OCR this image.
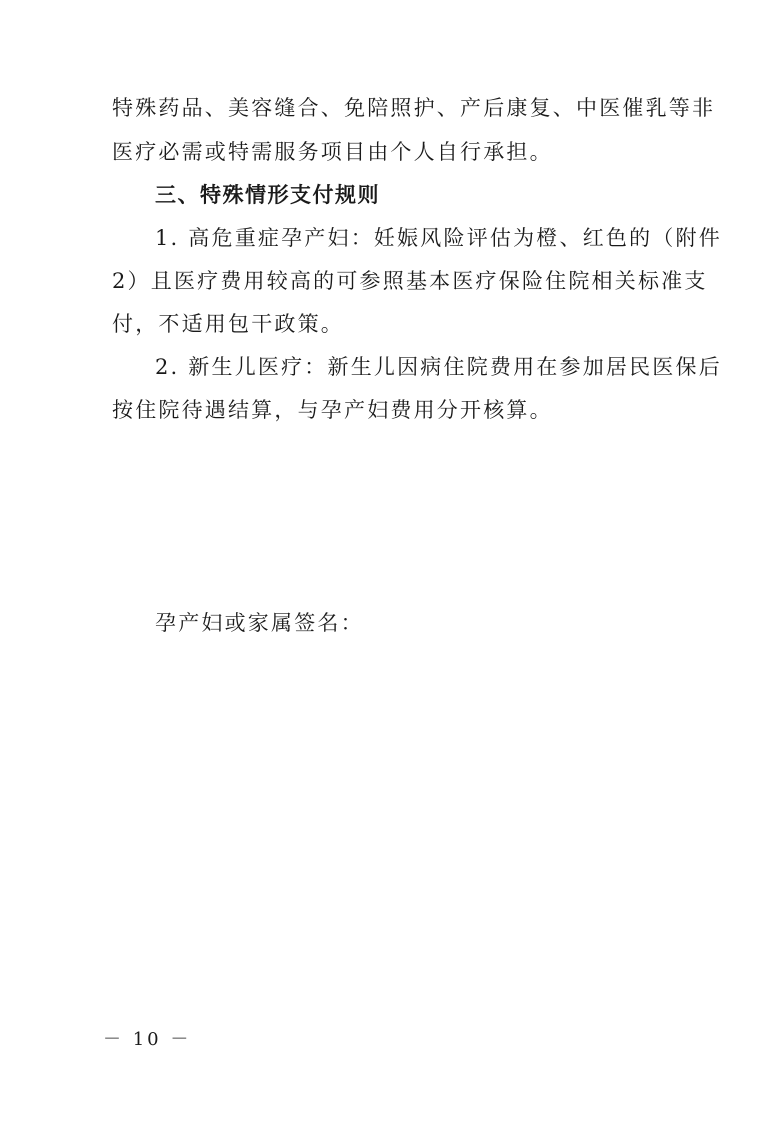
特殊药品、美容缝合、免陪照护、产后康复、中医催乳等非
医疗必需或特需服务项目由个人自行承担。
三、特殊情形支付规则
1. 高危重症孕产妇：妊娠风险评估为橙、红色的（附件
2）且医疗费用较高的可参照基本医疗保险住院相关标准支
付，不适用包干政策。
2. 新生儿医疗：新生儿因病住院费用在参加居民医保后
按住院待遇结算，与孕产妇费用分开核算。
孕产妇或家属签名：
－ 10 －
